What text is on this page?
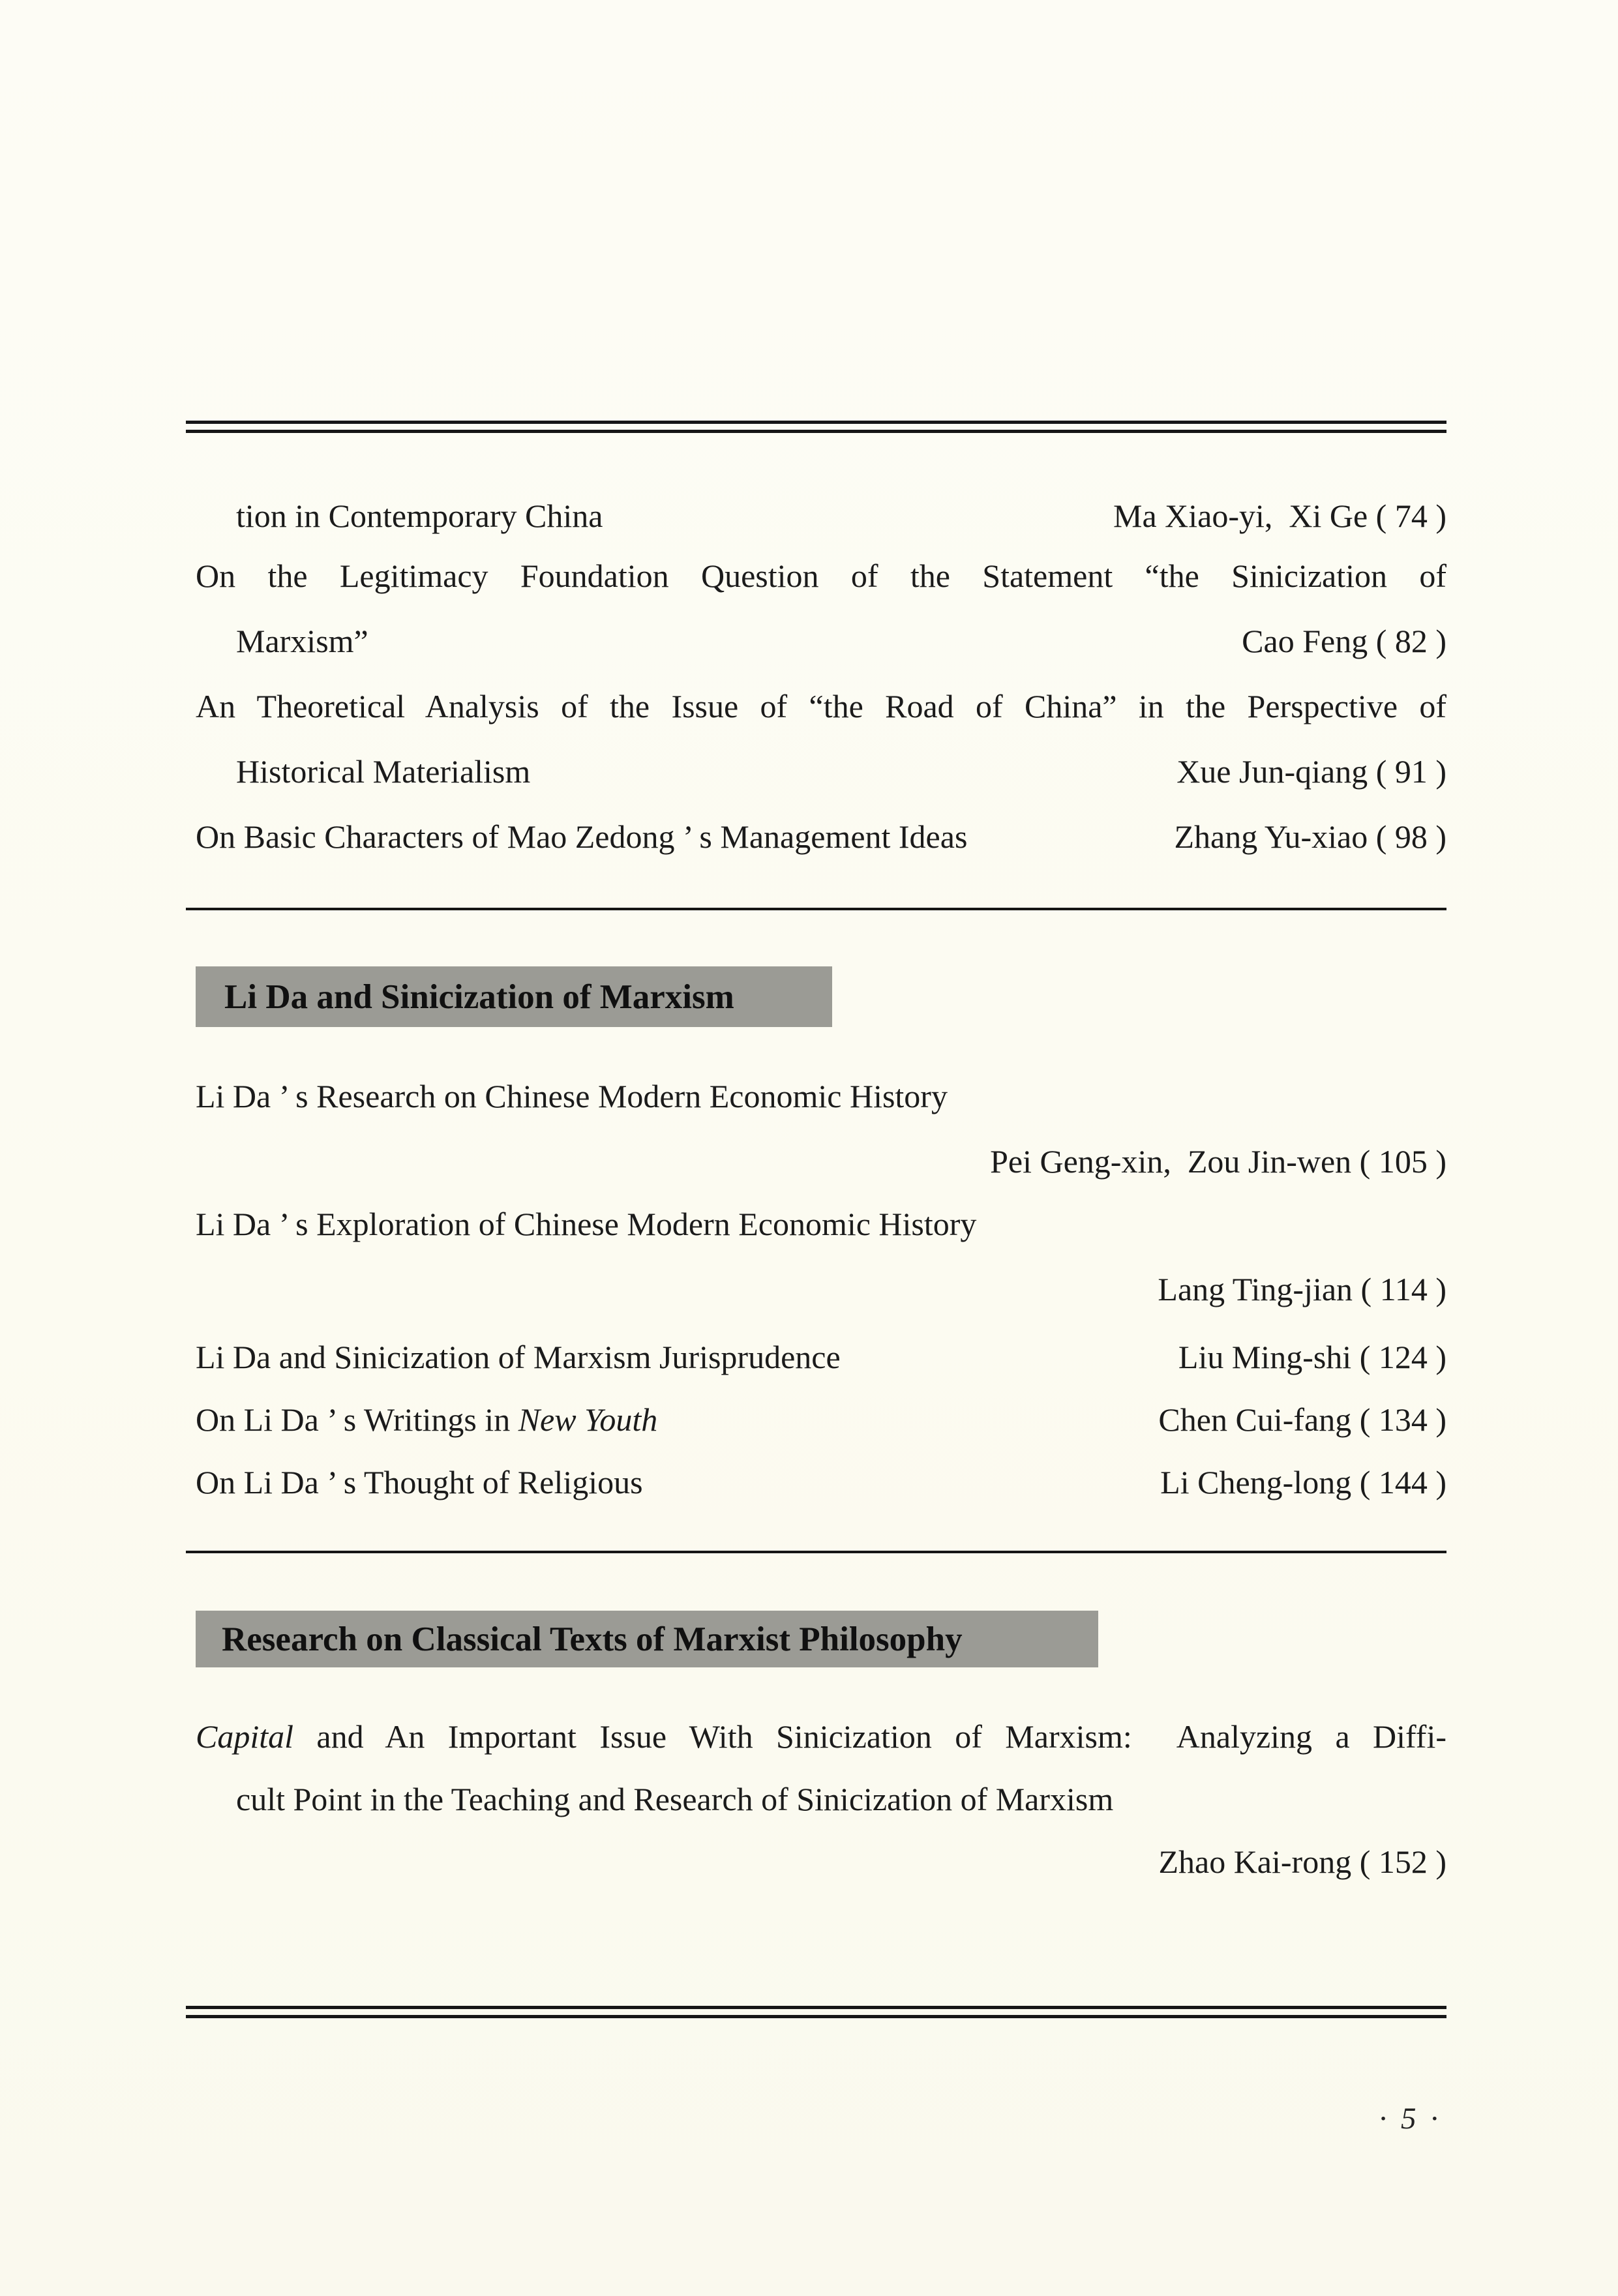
tion in Contemporary China	Ma Xiao-yi,  Xi Ge ( 74 )
On the Legitimacy Foundation Question of the Statement “the Sinicization of
Marxism”	Cao Feng ( 82 )
An Theoretical Analysis of the Issue of “the Road of China” in the Perspective of
Historical Materialism	Xue Jun-qiang ( 91 )
On Basic Characters of Mao Zedong ’ s Management Ideas	Zhang Yu-xiao ( 98 )
Li Da and Sinicization of Marxism
Li Da ’ s Research on Chinese Modern Economic History
Pei Geng-xin,  Zou Jin-wen ( 105 )
Li Da ’ s Exploration of Chinese Modern Economic History
Lang Ting-jian ( 114 )
Li Da and Sinicization of Marxism Jurisprudence	Liu Ming-shi ( 124 )
On Li Da ’ s Writings in New Youth	Chen Cui-fang ( 134 )
On Li Da ’ s Thought of Religious	Li Cheng-long ( 144 )
Research on Classical Texts of Marxist Philosophy
Capital and An Important Issue With Sinicization of Marxism:  Analyzing a Diffi-
cult Point in the Teaching and Research of Sinicization of Marxism
Zhao Kai-rong ( 152 )
· 5 ·
